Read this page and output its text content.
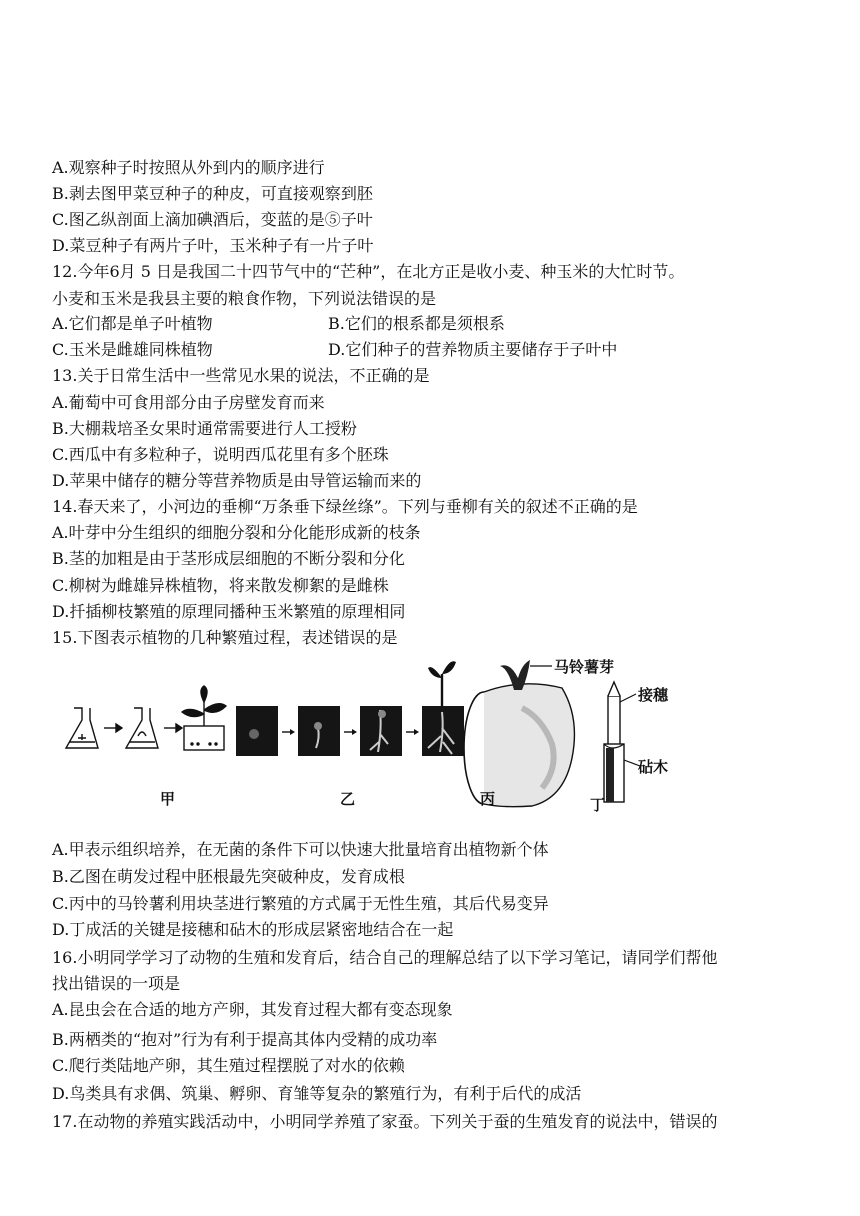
A.观察种子时按照从外到内的顺序进行
B.剥去图甲菜豆种子的种皮，可直接观察到胚
C.图乙纵剖面上滴加碘酒后，变蓝的是⑤子叶
D.菜豆种子有两片子叶，玉米种子有一片子叶
12.今年6月 5 日是我国二十四节气中的“芒种”，在北方正是收小麦、种玉米的大忙时节。
小麦和玉米是我县主要的粮食作物，下列说法错误的是
A.它们都是单子叶植物	B.它们的根系都是须根系
C.玉米是雌雄同株植物	D.它们种子的营养物质主要储存于子叶中
13.关于日常生活中一些常见水果的说法，不正确的是
A.葡萄中可食用部分由子房壁发育而来
B.大棚栽培圣女果时通常需要进行人工授粉
C.西瓜中有多粒种子，说明西瓜花里有多个胚珠
D.苹果中储存的糖分等营养物质是由导管运输而来的
14.春天来了，小河边的垂柳“万条垂下绿丝绦”。下列与垂柳有关的叙述不正确的是
A.叶芽中分生组织的细胞分裂和分化能形成新的枝条
B.茎的加粗是由于茎形成层细胞的不断分裂和分化
C.柳树为雌雄异株植物，将来散发柳絮的是雌株
D.扦插柳枝繁殖的原理同播种玉米繁殖的原理相同
15.下图表示植物的几种繁殖过程，表述错误的是
马铃薯芽
接穗
砧木
甲	乙	丙	丁
A.甲表示组织培养，在无菌的条件下可以快速大批量培育出植物新个体
B.乙图在萌发过程中胚根最先突破种皮，发育成根
C.丙中的马铃薯利用块茎进行繁殖的方式属于无性生殖，其后代易变异
D.丁成活的关键是接穗和砧木的形成层紧密地结合在一起
16.小明同学学习了动物的生殖和发育后，结合自己的理解总结了以下学习笔记，请同学们帮他
找出错误的一项是
A.昆虫会在合适的地方产卵，其发育过程大都有变态现象
B.两栖类的“抱对”行为有利于提高其体内受精的成功率
C.爬行类陆地产卵，其生殖过程摆脱了对水的依赖
D.鸟类具有求偶、筑巢、孵卵、育雏等复杂的繁殖行为，有利于后代的成活
17.在动物的养殖实践活动中，小明同学养殖了家蚕。下列关于蚕的生殖发育的说法中，错误的
